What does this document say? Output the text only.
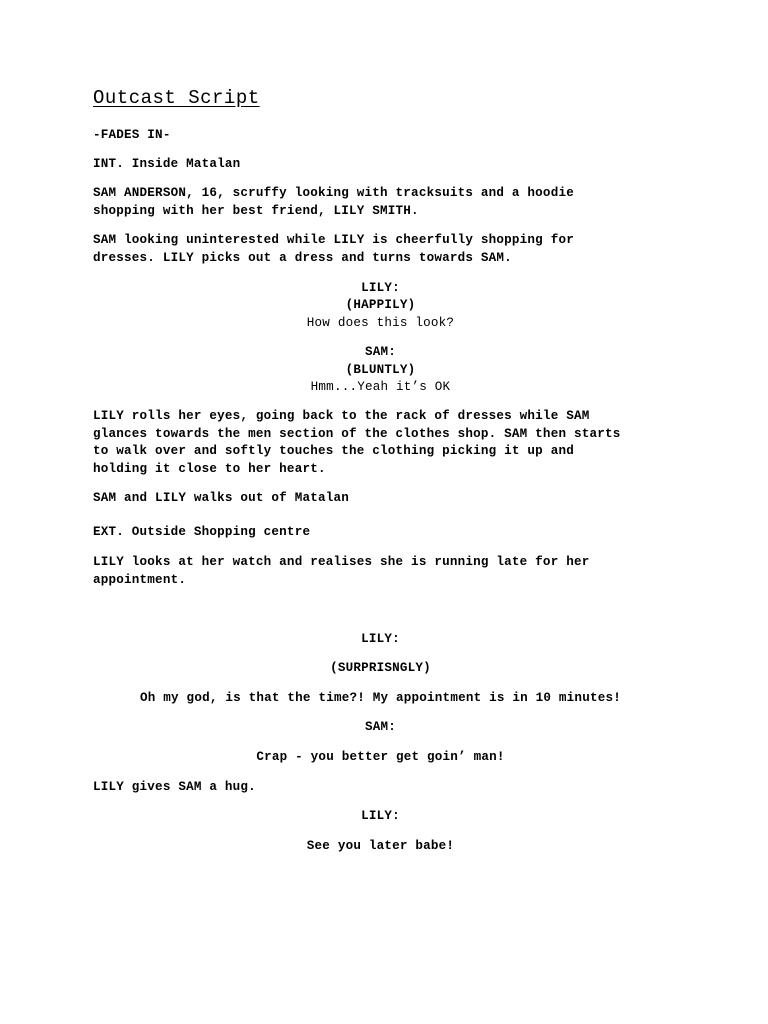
Outcast Script

-FADES IN-

INT. Inside Matalan

SAM ANDERSON, 16, scruffy looking with tracksuits and a hoodie

shopping with her best friend, LILY SMITH.

SAM looking uninterested while LILY is cheerfully shopping for

dresses. LILY picks out a dress and turns towards SAM.

LILY:

(HAPPILY)

How does this look?

SAM:

(BLUNTLY)

Hmm...Yeah it’s OK

LILY rolls her eyes, going back to the rack of dresses while SAM

glances towards the men section of the clothes shop. SAM then starts

to walk over and softly touches the clothing picking it up and

holding it close to her heart.

SAM and LILY walks out of Matalan

EXT. Outside Shopping centre

LILY looks at her watch and realises she is running late for her

appointment.

LILY:

(SURPRISNGLY)

Oh my god, is that the time?! My appointment is in 10 minutes!

SAM:

Crap - you better get goin’ man!

LILY gives SAM a hug.

LILY:

See you later babe!
